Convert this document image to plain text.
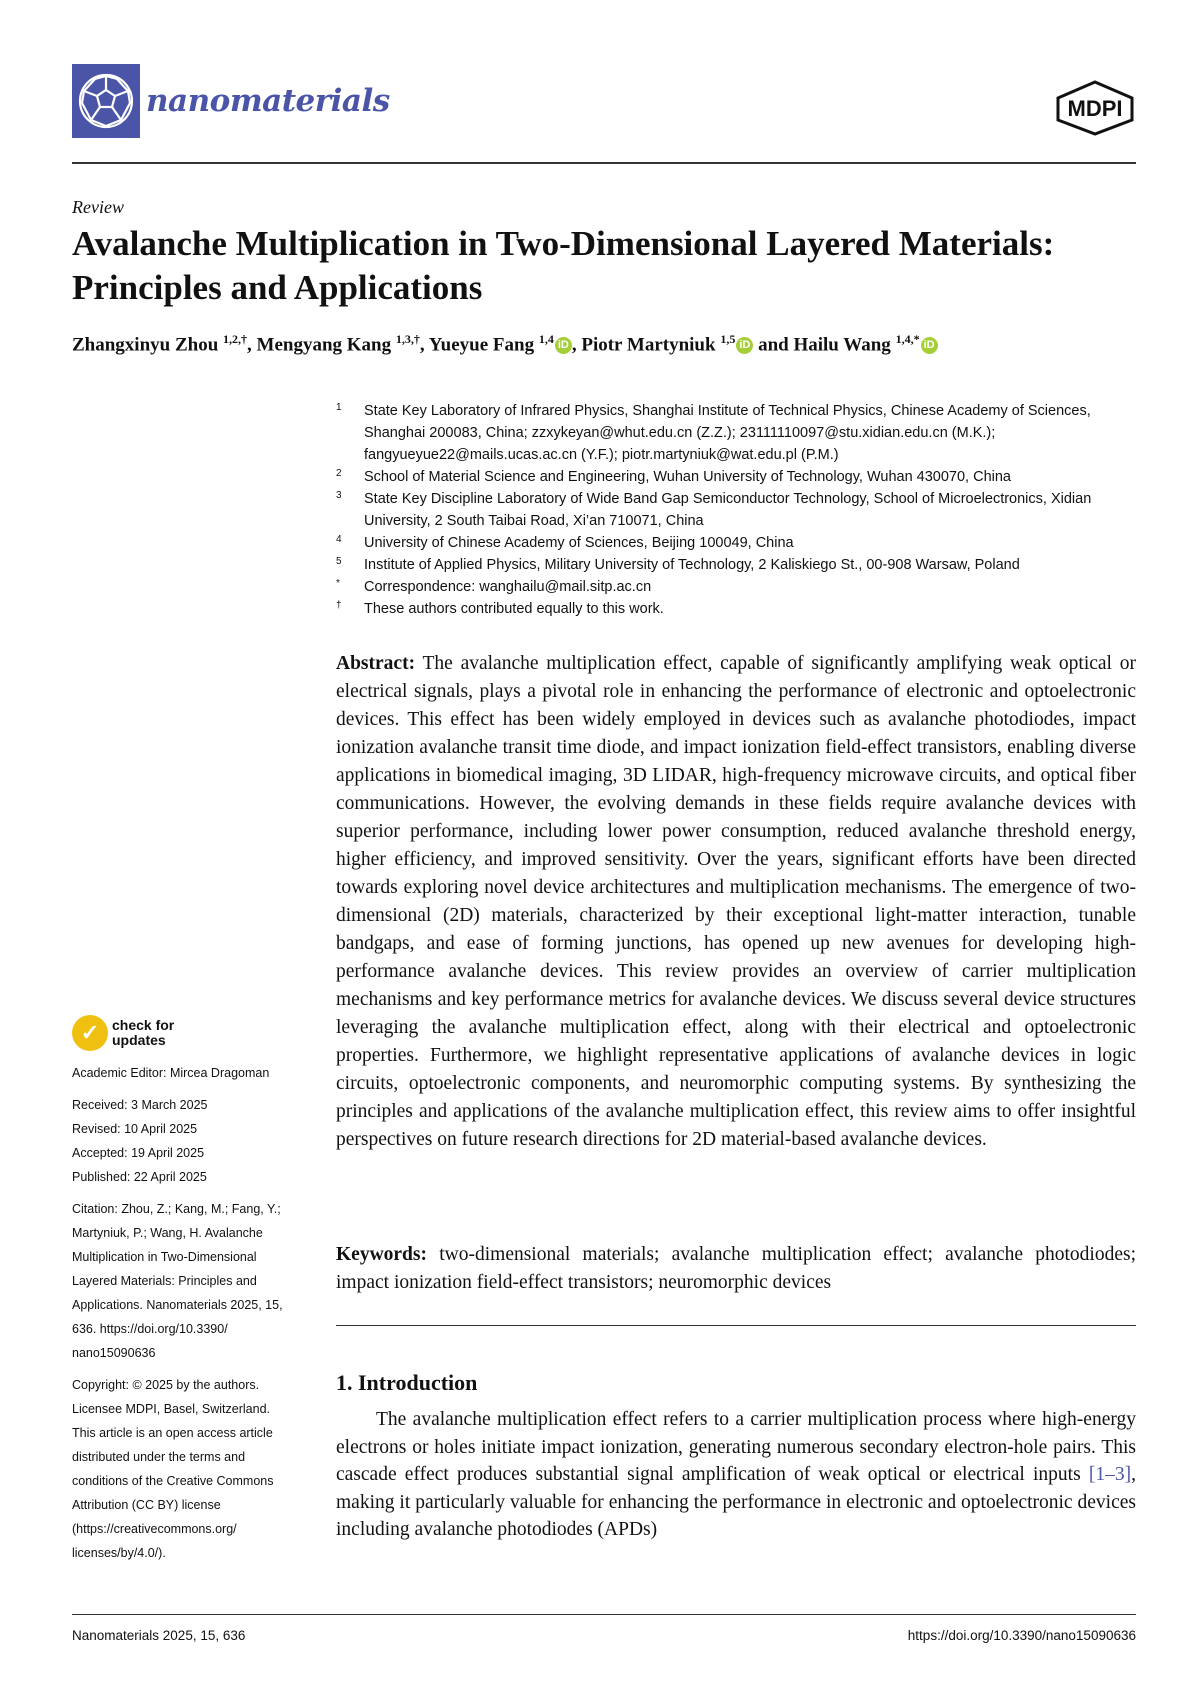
nanomaterials	MDPI
Review
Avalanche Multiplication in Two-Dimensional Layered Materials: Principles and Applications
Zhangxinyu Zhou $^{1,2,\dagger}$, Mengyang Kang $^{1,3,\dagger}$, Yueyue Fang $^{1,4}$ iD , Piotr Martyniuk $^{1,5}$ iD and Hailu Wang $^{1,4,*}$ iD
1	State Key Laboratory of Infrared Physics, Shanghai Institute of Technical Physics, Chinese Academy of Sciences, Shanghai 200083, China; zzxykeyan@whut.edu.cn (Z.Z.); 23111110097@stu.xidian.edu.cn (M.K.); fangyueyue22@mails.ucas.ac.cn (Y.F.); piotr.martyniuk@wat.edu.pl (P.M.)
2	School of Material Science and Engineering, Wuhan University of Technology, Wuhan 430070, China
3	State Key Discipline Laboratory of Wide Band Gap Semiconductor Technology, School of Microelectronics, Xidian University, 2 South Taibai Road, Xi’an 710071, China
4	University of Chinese Academy of Sciences, Beijing 100049, China
5	Institute of Applied Physics, Military University of Technology, 2 Kaliskiego St., 00-908 Warsaw, Poland
*	Correspondence: wanghailu@mail.sitp.ac.cn
†	These authors contributed equally to this work.

Abstract: The avalanche multiplication effect, capable of significantly amplifying weak optical or electrical signals, plays a pivotal role in enhancing the performance of electronic and optoelectronic devices. This effect has been widely employed in devices such as avalanche photodiodes, impact ionization avalanche transit time diode, and impact ionization field-effect transistors, enabling diverse applications in biomedical imaging, 3D LIDAR, high-frequency microwave circuits, and optical fiber communications. However, the evolving demands in these fields require avalanche devices with superior performance, including lower power consumption, reduced avalanche threshold energy, higher efficiency, and improved sensitivity. Over the years, significant efforts have been directed towards exploring novel device architectures and multiplication mechanisms. The emergence of two-dimensional (2D) materials, characterized by their exceptional light-matter interaction, tunable bandgaps, and ease of forming junctions, has opened up new avenues for developing high-performance avalanche devices. This review provides an overview of carrier multiplication mechanisms and key performance metrics for avalanche devices. We discuss several device structures leveraging the avalanche multiplication effect, along with their electrical and optoelectronic properties. Furthermore, we highlight representative applications of avalanche devices in logic circuits, optoelectronic components, and neuromorphic computing systems. By synthesizing the principles and applications of the avalanche multiplication effect, this review aims to offer insightful perspectives on future research directions for 2D material-based avalanche devices.

Keywords: two-dimensional materials; avalanche multiplication effect; avalanche photodiodes; impact ionization field-effect transistors; neuromorphic devices

1. Introduction

The avalanche multiplication effect refers to a carrier multiplication process where high-energy electrons or holes initiate impact ionization, generating numerous secondary electron-hole pairs. This cascade effect produces substantial signal amplification of weak optical or electrical inputs [1–3], making it particularly valuable for enhancing the performance in electronic and optoelectronic devices including avalanche photodiodes (APDs)

✓ check for
updates
Academic Editor: Mircea Dragoman
Received: 3 March 2025
Revised: 10 April 2025
Accepted: 19 April 2025
Published: 22 April 2025
Citation: Zhou, Z.; Kang, M.; Fang, Y.;
Martyniuk, P.; Wang, H. Avalanche
Multiplication in Two-Dimensional
Layered Materials: Principles and
Applications. Nanomaterials 2025, 15,
636. https://doi.org/10.3390/
nano15090636
Copyright: © 2025 by the authors.
Licensee MDPI, Basel, Switzerland.
This article is an open access article
distributed under the terms and
conditions of the Creative Commons
Attribution (CC BY) license
(https://creativecommons.org/
licenses/by/4.0/).
Nanomaterials 2025, 15, 636	https://doi.org/10.3390/nano15090636
